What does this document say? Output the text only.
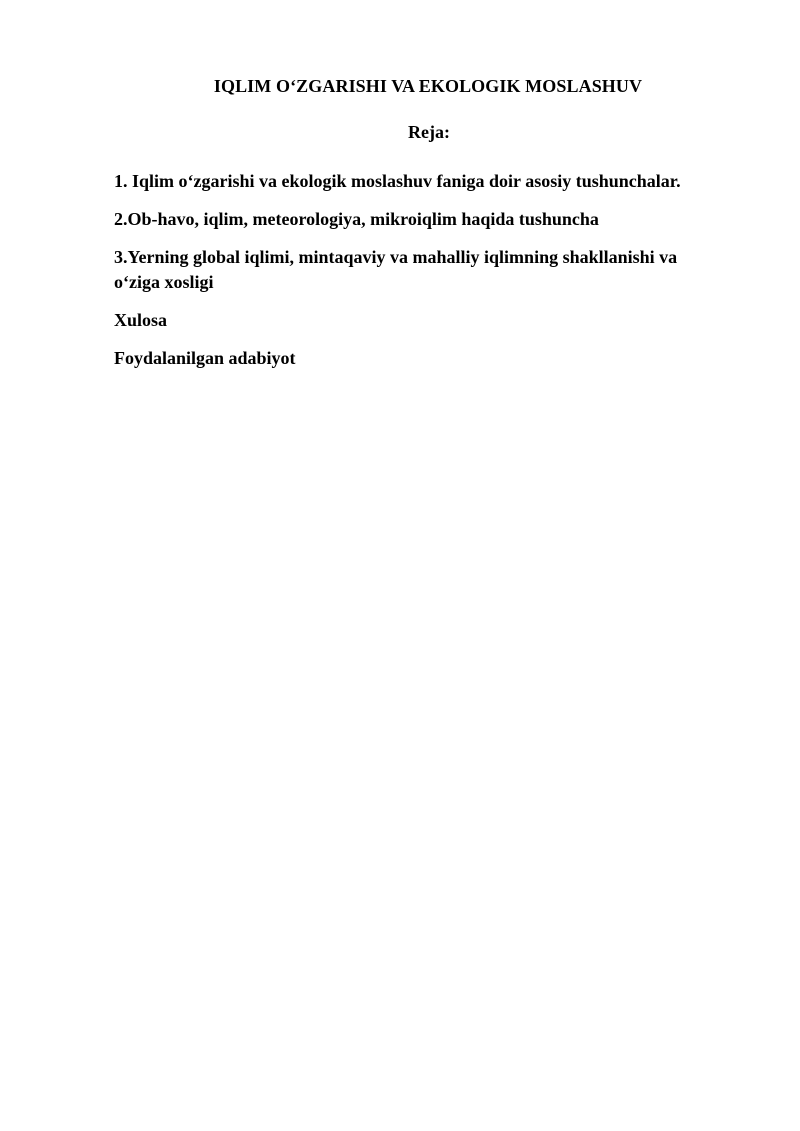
IQLIM O‘ZGARISHI VA EKOLOGIK MOSLASHUV
Reja:
1. Iqlim o‘zgarishi va ekologik moslashuv faniga doir asosiy tushunchalar.
2.Ob-havo, iqlim, meteorologiya, mikroiqlim haqida tushuncha
3.Yerning global iqlimi, mintaqaviy va mahalliy iqlimning shakllanishi va o‘ziga xosligi
Xulosa
Foydalanilgan adabiyot
